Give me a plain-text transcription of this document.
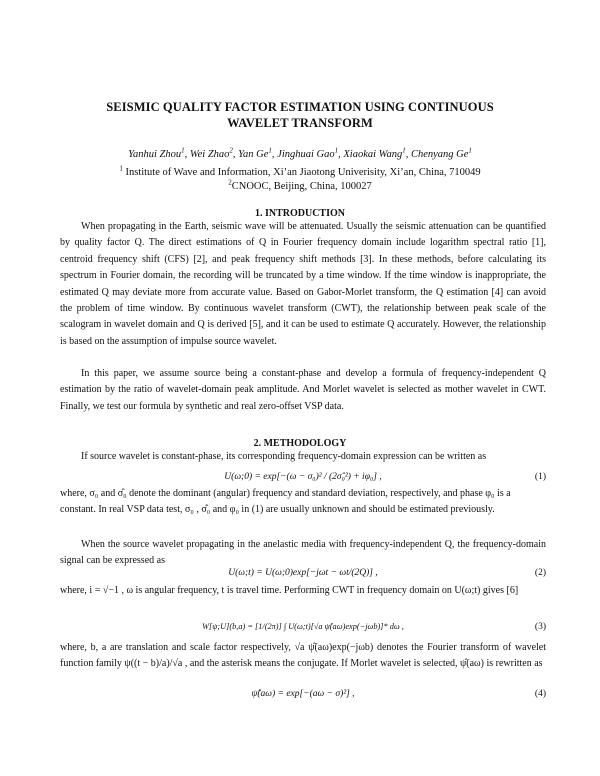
SEISMIC QUALITY FACTOR ESTIMATION USING CONTINUOUS
WAVELET TRANSFORM
Yanhui Zhou$^1$, Wei Zhao$^2$, Yan Ge$^1$, Jinghuai Gao$^1$, Xiaokai Wang$^1$, Chenyang Ge$^1$
$^1$ Institute of Wave and Information, Xi’an Jiaotong Univerisity, Xi’an, China, 710049
$^2$CNOOC, Beijing, China, 100027
1. INTRODUCTION

When propagating in the Earth, seismic wave will be attenuated. Usually the seismic attenuation can be quantified by quality factor Q. The direct estimations of Q in Fourier frequency domain include logarithm spectral ratio [1], centroid frequency shift (CFS) [2], and peak frequency shift methods [3]. In these methods, before calculating its spectrum in Fourier domain, the recording will be truncated by a time window. If the time window is inappropriate, the estimated Q may deviate more from accurate value. Based on Gabor-Morlet transform, the Q estimation [4] can avoid the problem of time window. By continuous wavelet transform (CWT), the relationship between peak scale of the scalogram in wavelet domain and Q is derived [5], and it can be used to estimate Q accurately. However, the relationship is based on the assumption of impulse source wavelet.

In this paper, we assume source being a constant-phase and develop a formula of frequency-independent Q estimation by the ratio of wavelet-domain peak amplitude. And Morlet wavelet is selected as mother wavelet in CWT. Finally, we test our formula by synthetic and real zero-offset VSP data.

2. METHODOLOGY

If source wavelet is constant-phase, its corresponding frequency-domain expression can be written as

U(ω;0) = exp[−(ω − σ₀)² / (2σ̂₀²) + iφ₀] ,	(1)
where, σ₀ and σ̂₀ denote the dominant (angular) frequency and standard deviation, respectively, and phase φ₀ is a
constant. In real VSP data test, σ₀ , σ̂₀ and φ₀ in (1) are usually unknown and should be estimated previously.

When the source wavelet propagating in the anelastic media with frequency-independent Q, the frequency-domain signal can be expressed as

U(ω;t) = U(ω;0)exp[−jωt − ωt/(2Q)] ,	(2)

where, i = √−1 , ω is angular frequency, t is travel time. Performing CWT in frequency domain on U(ω;t) gives [6]

W[ψ;U](b,a) = [1/(2π)] ∫ U(ω;t)[√a ψ̂(aω)exp(−jωb)]* dω ,	(3)

where, b, a are translation and scale factor respectively, √a ψ̂(aω)exp(−jωb) denotes the Fourier transform of wavelet function family ψ((t − b)/a)/√a , and the asterisk means the conjugate. If Morlet wavelet is selected, ψ̂(aω) is rewritten as

ψ̂(aω) = exp[−(aω − σ)²] ,	(4)
